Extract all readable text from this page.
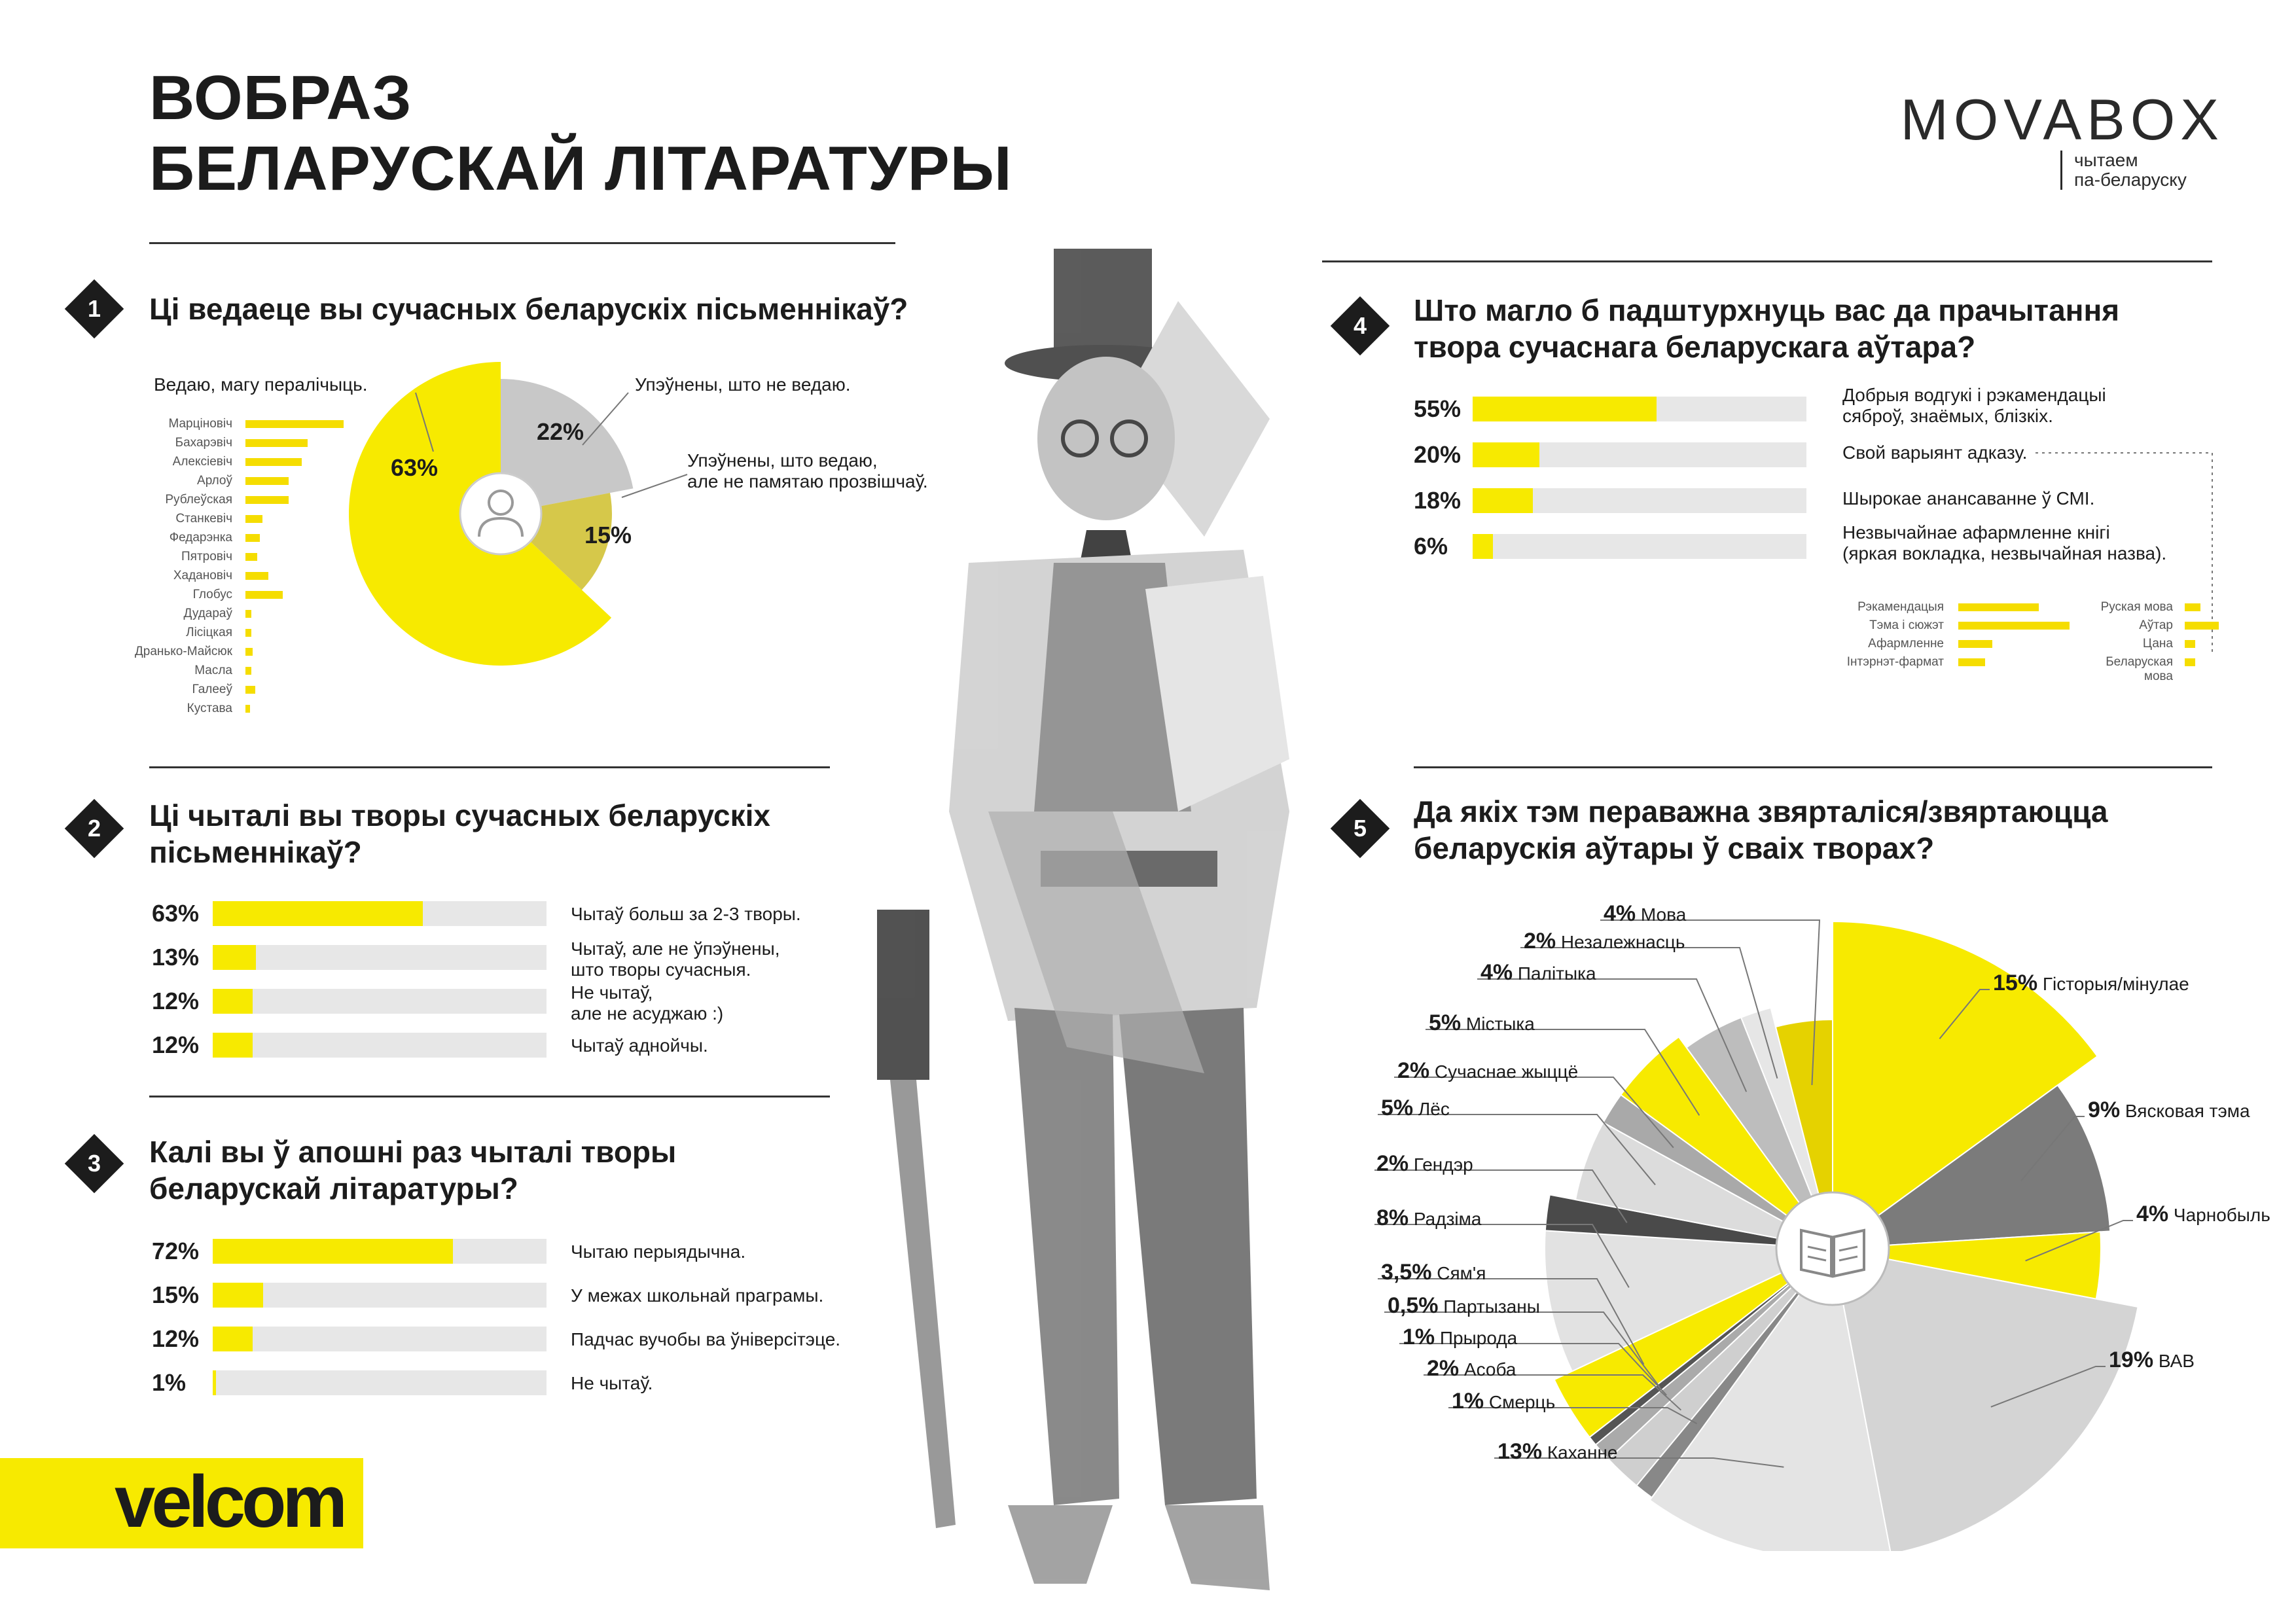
ВОБРАЗ
БЕЛАРУСКАЙ ЛІТАРАТУРЫ
MOVABOX
чытаем
па-беларуску
1	Ці ведаеце вы сучасных беларускіх пісьменнікаў?
Ведаю, магу пералічыць.	Упэўнены, што не ведаю.
Упэўнены, што ведаю,
але не памятаю прозвішчаў.
63%
22%
15%
Марціновіч
Бахарэвіч
Алексіевіч
Арлоў
Рублеўская
Станкевіч
Федарэнка
Пятровіч
Хадановіч
Глобус
Дудараў
Лісіцкая
Дранько-Майсюк
Масла
Галееў
Кустава
2	Ці чыталі вы творы сучасных беларускіх
пісьменнікаў?
63%	Чытаў больш за 2-3 творы.
13%	Чытаў, але не ўпэўнены,
што творы сучасныя.
12%	Не чытаў,
але не асуджаю :)
12%	Чытаў аднойчы.
3	Калі вы ў апошні раз чыталі творы
беларускай літаратуры?
72%	Чытаю перыядычна.
15%	У межах школьнай праграмы.
12%	Падчас вучобы ва ўніверсітэце.
1%	Не чытаў.
velcom
4	Што магло б падштурхнуць вас да прачытання
твора сучаснага беларускага аўтара?
55%
Добрыя водгукі і рэкамендацыі
сяброў, знаёмых, блізкіх.
20%	Свой варыянт адказу.
18%	Шырокае анансаванне ў СМІ.
6%
Незвычайнае афармленне кнігі
(яркая вокладка, незвычайная назва).
Рэкамендацыя
Тэма і сюжэт
Афармленне
Інтэрнэт-фармат
Руская мова
Аўтар
Цана
Беларуская
мова
5	Да якіх тэм пераважна звярталіся/звяртаюцца
беларускія аўтары ў сваіх творах?
15% Гісторыя/мінулае
9% Вясковая тэма
4% Чарнобыль
19% ВАВ
13% Каханне
1% Смерць
2% Асоба
1% Прырода
0,5% Партызаны
3,5% Сям'я
8% Радзіма
2% Гендэр
5% Лёс
2% Сучаснае жыццё
5% Містыка
4% Палітыка
2% Незалежнасць
4% Мова
